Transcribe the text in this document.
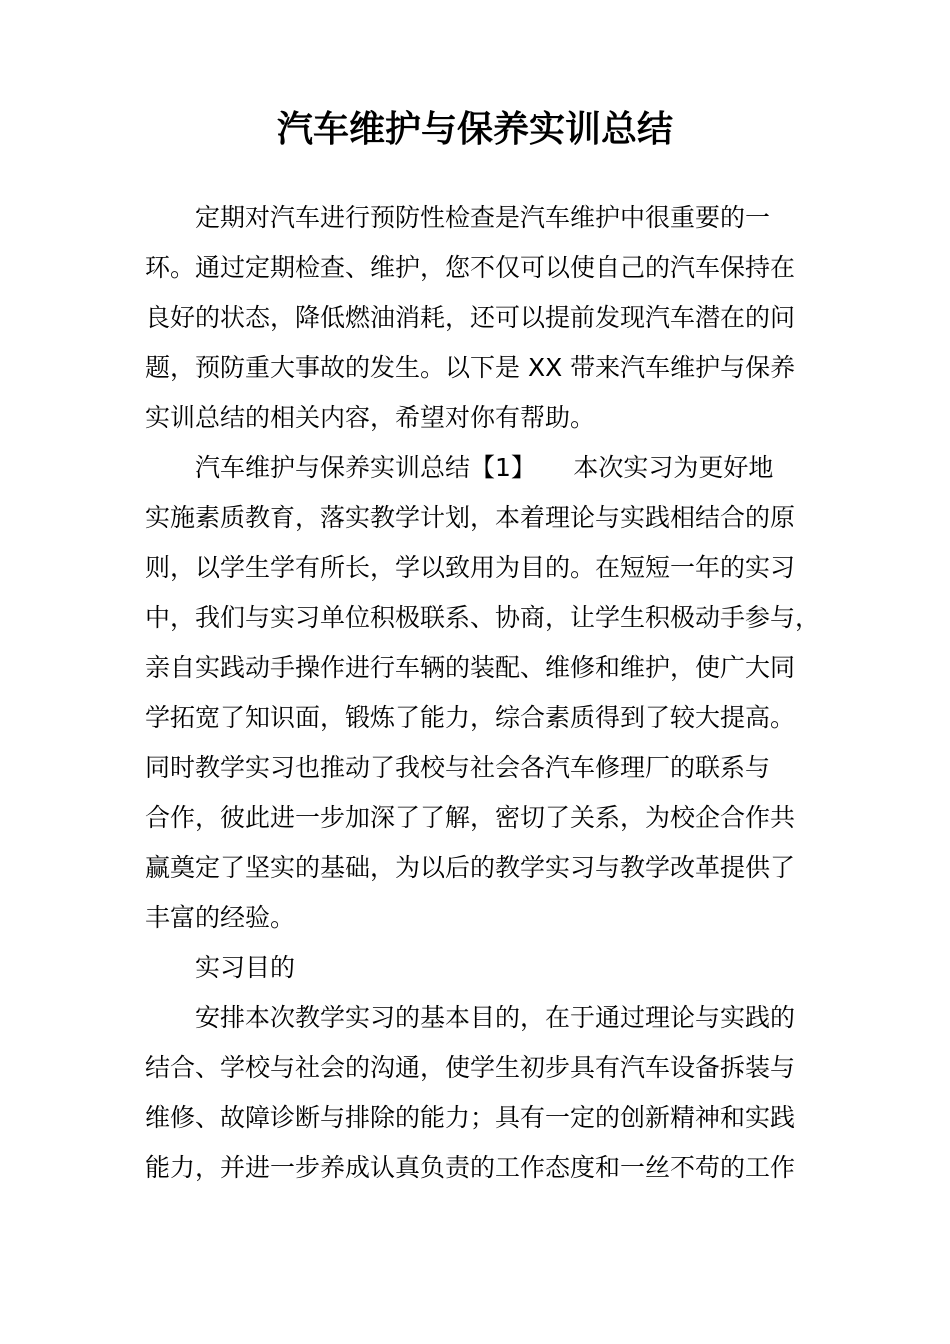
汽车维护与保养实训总结
定期对汽车进行预防性检查是汽车维护中很重要的一
环。通过定期检查、维护，您不仅可以使自己的汽车保持在
良好的状态，降低燃油消耗，还可以提前发现汽车潜在的问
题，预防重大事故的发生。以下是 XX 带来汽车维护与保养
实训总结的相关内容，希望对你有帮助。
汽车维护与保养实训总结【1】　　本次实习为更好地
实施素质教育，落实教学计划，本着理论与实践相结合的原
则，以学生学有所长，学以致用为目的。在短短一年的实习
中，我们与实习单位积极联系、协商，让学生积极动手参与，
亲自实践动手操作进行车辆的装配、维修和维护，使广大同
学拓宽了知识面，锻炼了能力，综合素质得到了较大提高。
同时教学实习也推动了我校与社会各汽车修理厂的联系与
合作，彼此进一步加深了了解，密切了关系，为校企合作共
赢奠定了坚实的基础，为以后的教学实习与教学改革提供了
丰富的经验。
实习目的
安排本次教学实习的基本目的，在于通过理论与实践的
结合、学校与社会的沟通，使学生初步具有汽车设备拆装与
维修、故障诊断与排除的能力；具有一定的创新精神和实践
能力，并进一步养成认真负责的工作态度和一丝不苟的工作
